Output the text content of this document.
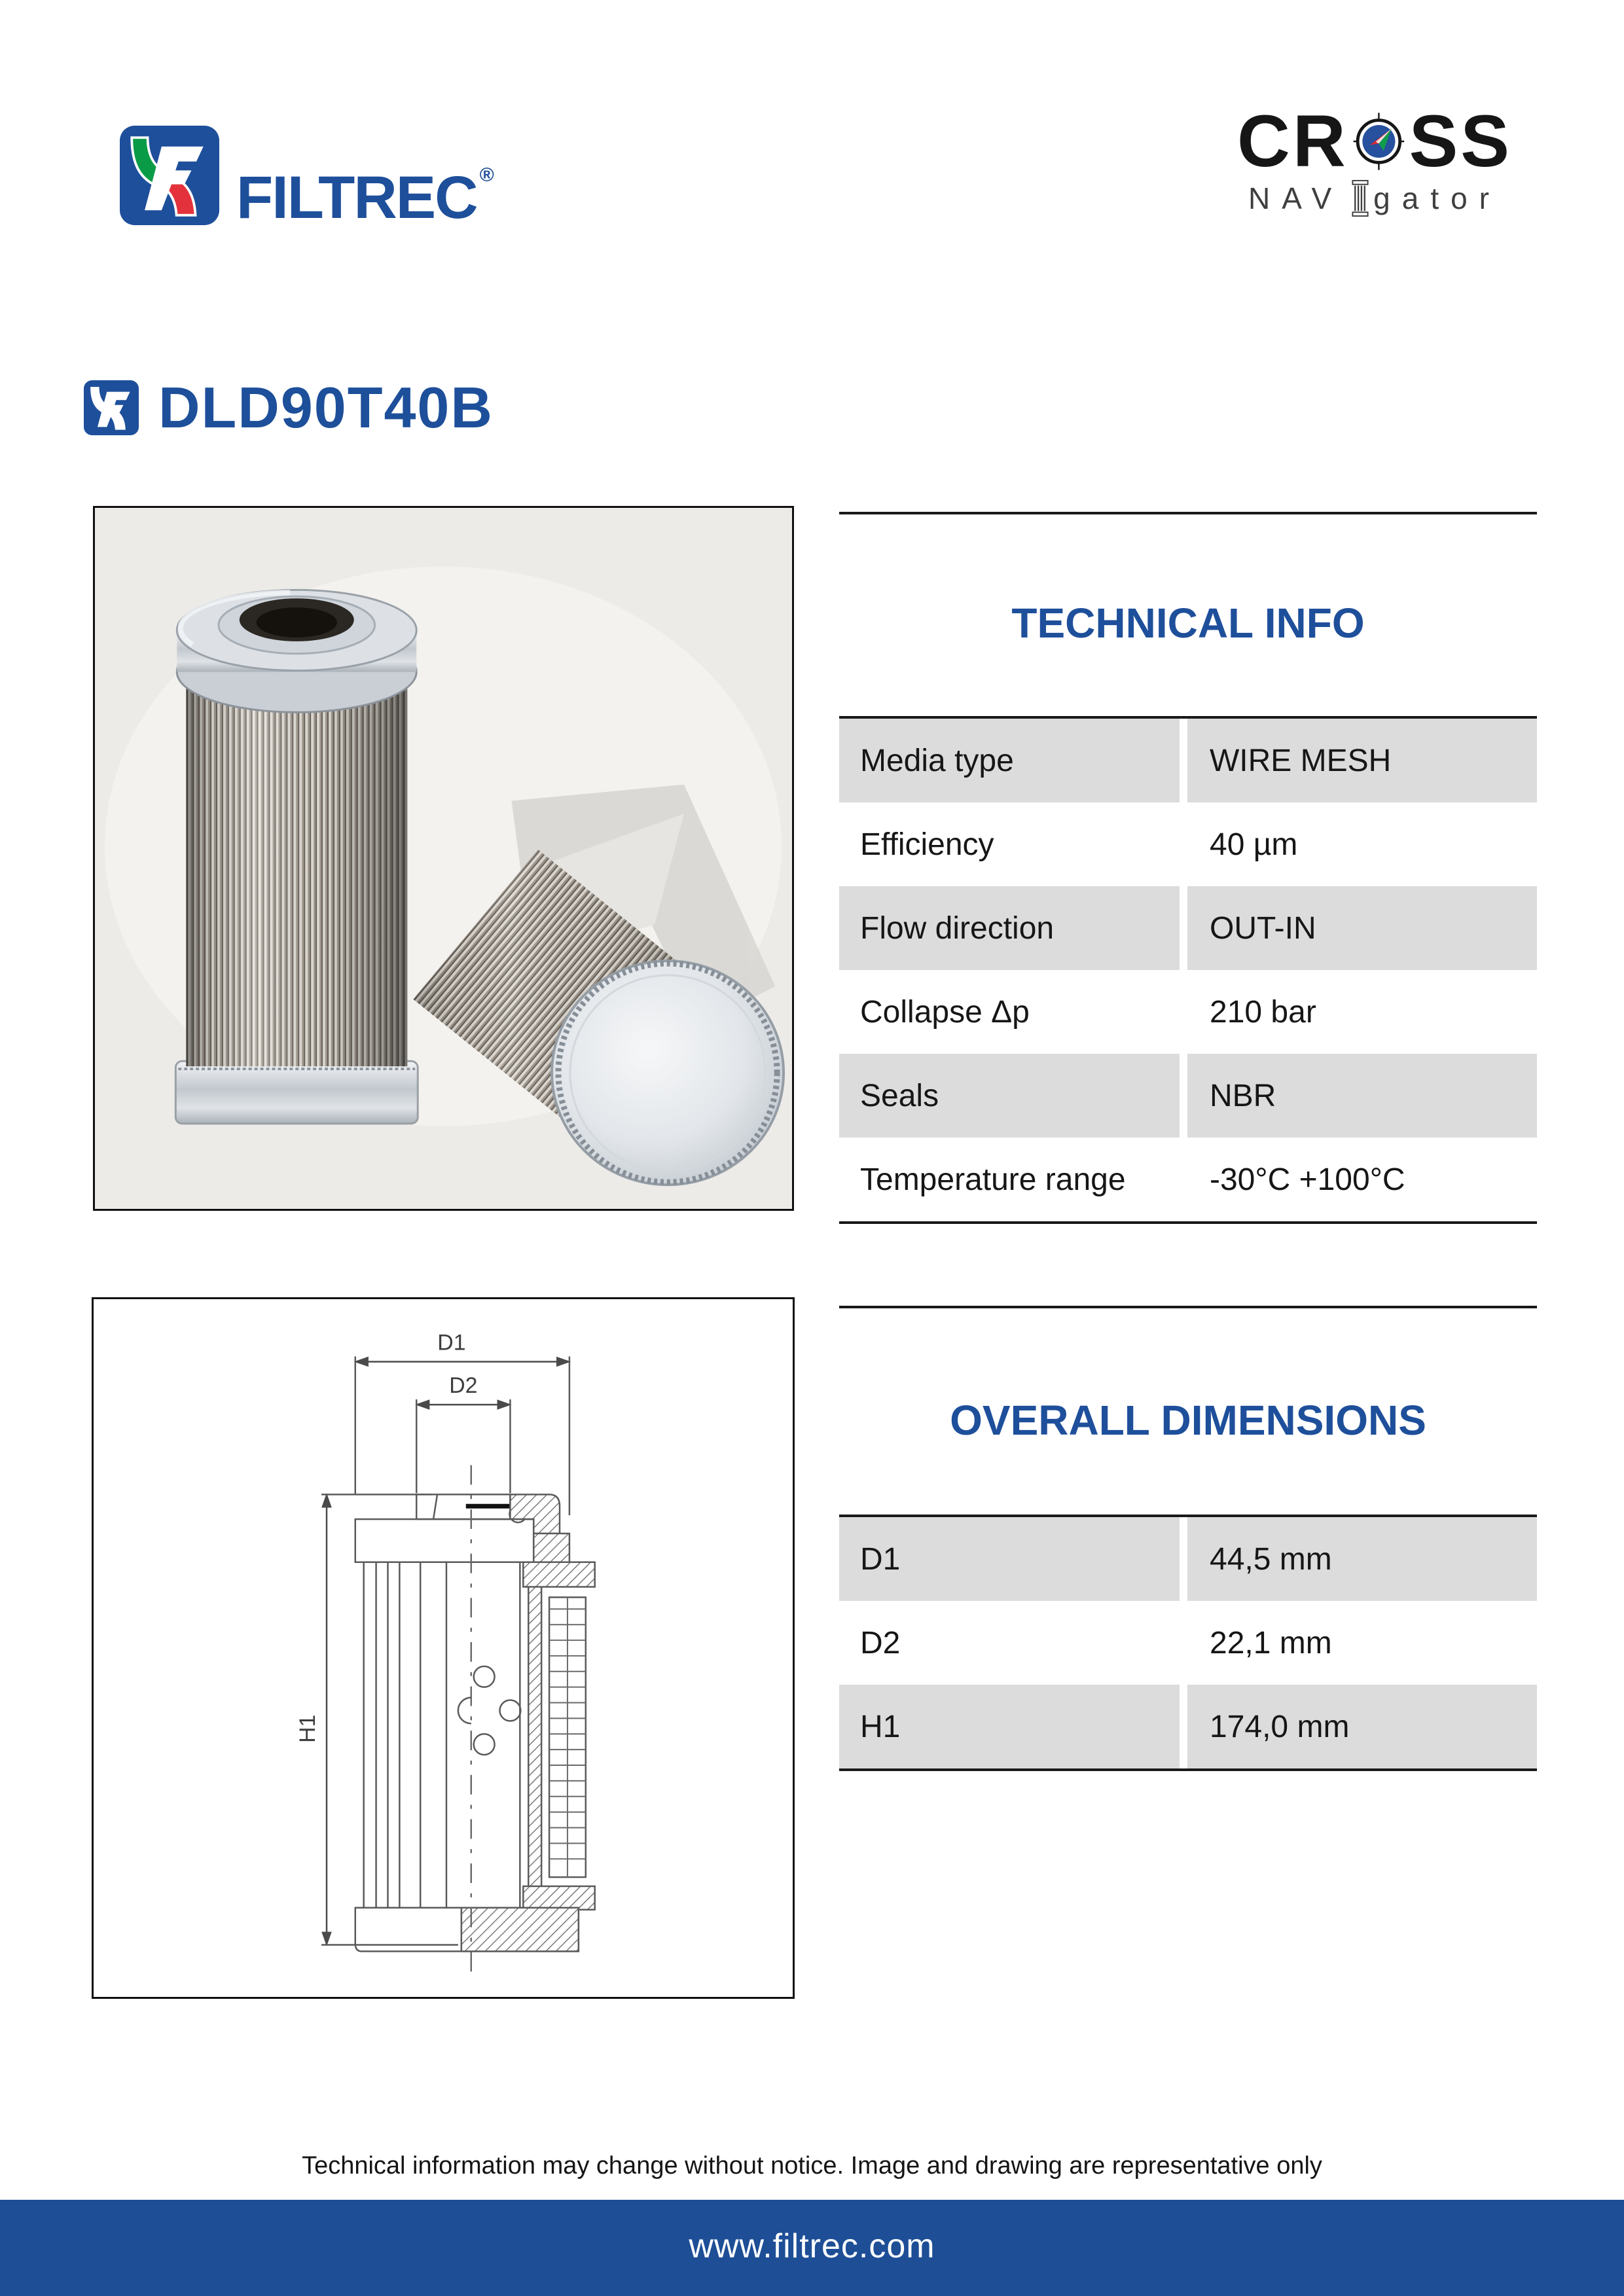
FILTREC ®	CR SS
NAV gator
DLD90T40B
TECHNICAL INFO
Media type	WIRE MESH
Efficiency	40 µm
Flow direction	OUT-IN
Collapse Δp	210 bar
Seals	NBR
Temperature range	-30°C +100°C
D1
D2
H1
OVERALL DIMENSIONS
D1	44,5 mm
D2	22,1 mm
H1	174,0 mm
Technical information may change without notice. Image and drawing are representative only
www.filtrec.com
